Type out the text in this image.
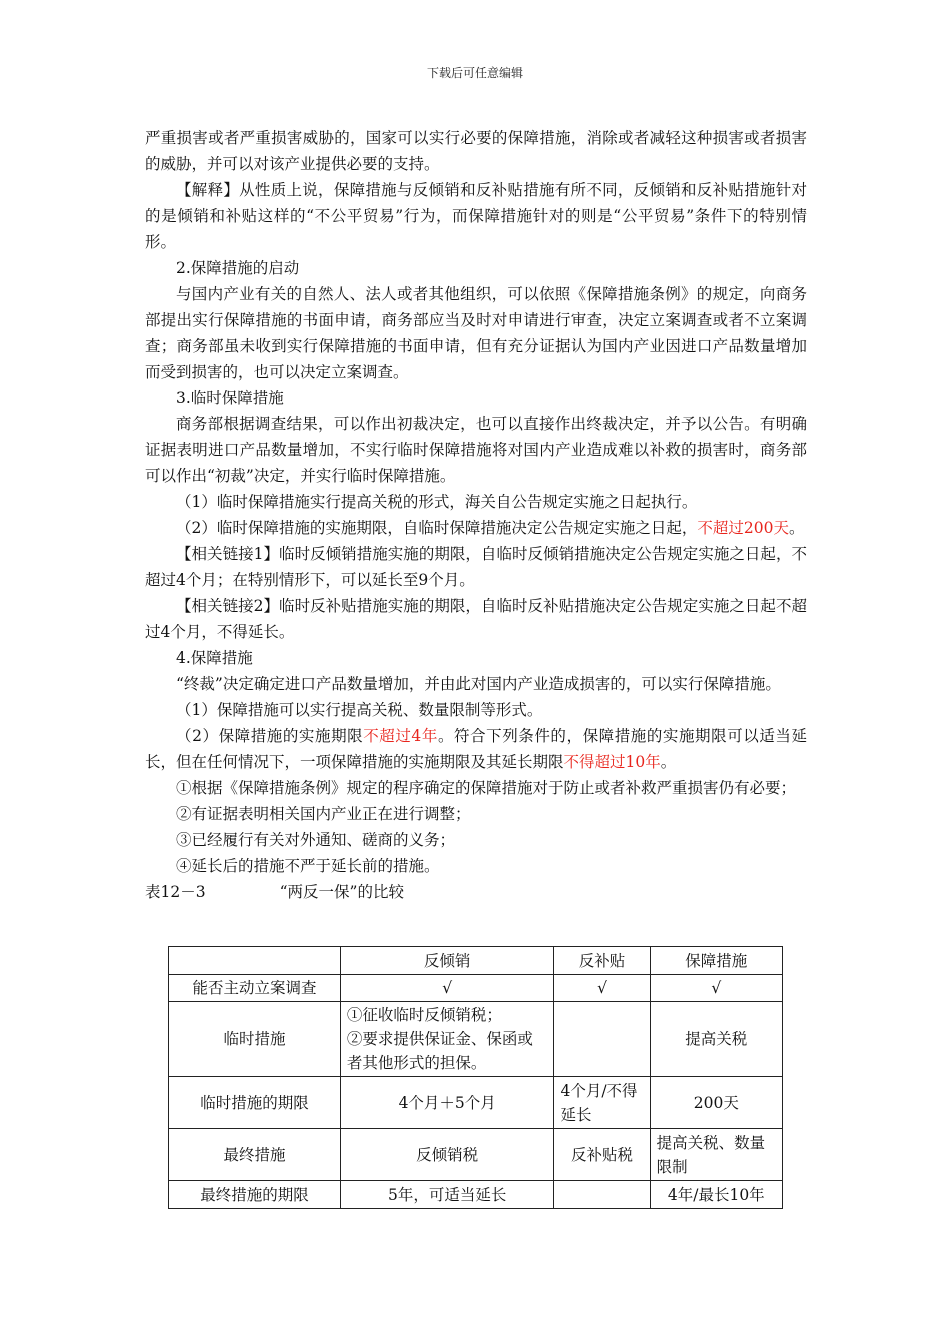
下载后可任意编辑

严重损害或者严重损害威胁的，国家可以实行必要的保障措施，消除或者减轻这种损害或者损害的威胁，并可以对该产业提供必要的支持。

【解释】从性质上说，保障措施与反倾销和反补贴措施有所不同，反倾销和反补贴措施针对的是倾销和补贴这样的“不公平贸易”行为，而保障措施针对的则是“公平贸易”条件下的特别情形。

2.保障措施的启动

与国内产业有关的自然人、法人或者其他组织，可以依照《保障措施条例》的规定，向商务部提出实行保障措施的书面申请，商务部应当及时对申请进行审查，决定立案调查或者不立案调查；商务部虽未收到实行保障措施的书面申请，但有充分证据认为国内产业因进口产品数量增加而受到损害的，也可以决定立案调查。

3.临时保障措施

商务部根据调查结果，可以作出初裁决定，也可以直接作出终裁决定，并予以公告。有明确证据表明进口产品数量增加，不实行临时保障措施将对国内产业造成难以补救的损害时，商务部可以作出“初裁”决定，并实行临时保障措施。

（1）临时保障措施实行提高关税的形式，海关自公告规定实施之日起执行。

（2）临时保障措施的实施期限，自临时保障措施决定公告规定实施之日起，不超过200天。

【相关链接1】临时反倾销措施实施的期限，自临时反倾销措施决定公告规定实施之日起，不超过4个月；在特别情形下，可以延长至9个月。

【相关链接2】临时反补贴措施实施的期限，自临时反补贴措施决定公告规定实施之日起不超过4个月，不得延长。

4.保障措施

“终裁”决定确定进口产品数量增加，并由此对国内产业造成损害的，可以实行保障措施。

（1）保障措施可以实行提高关税、数量限制等形式。

（2）保障措施的实施期限不超过4年。符合下列条件的，保障措施的实施期限可以适当延长，但在任何情况下，一项保障措施的实施期限及其延长期限不得超过10年。

①根据《保障措施条例》规定的程序确定的保障措施对于防止或者补救严重损害仍有必要；

②有证据表明相关国内产业正在进行调整；

③已经履行有关对外通知、磋商的义务；

④延长后的措施不严于延长前的措施。

表12－3	“两反一保”的比较

	反倾销	反补贴	保障措施
能否主动立案调查	√	√	√
临时措施	①征收临时反倾销税；
②要求提供保证金、保函或者其他形式的担保。		提高关税
临时措施的期限	4个月＋5个月	4个月/不得延长	200天
最终措施	反倾销税	反补贴税	提高关税、数量限制
最终措施的期限	5年，可适当延长		4年/最长10年
